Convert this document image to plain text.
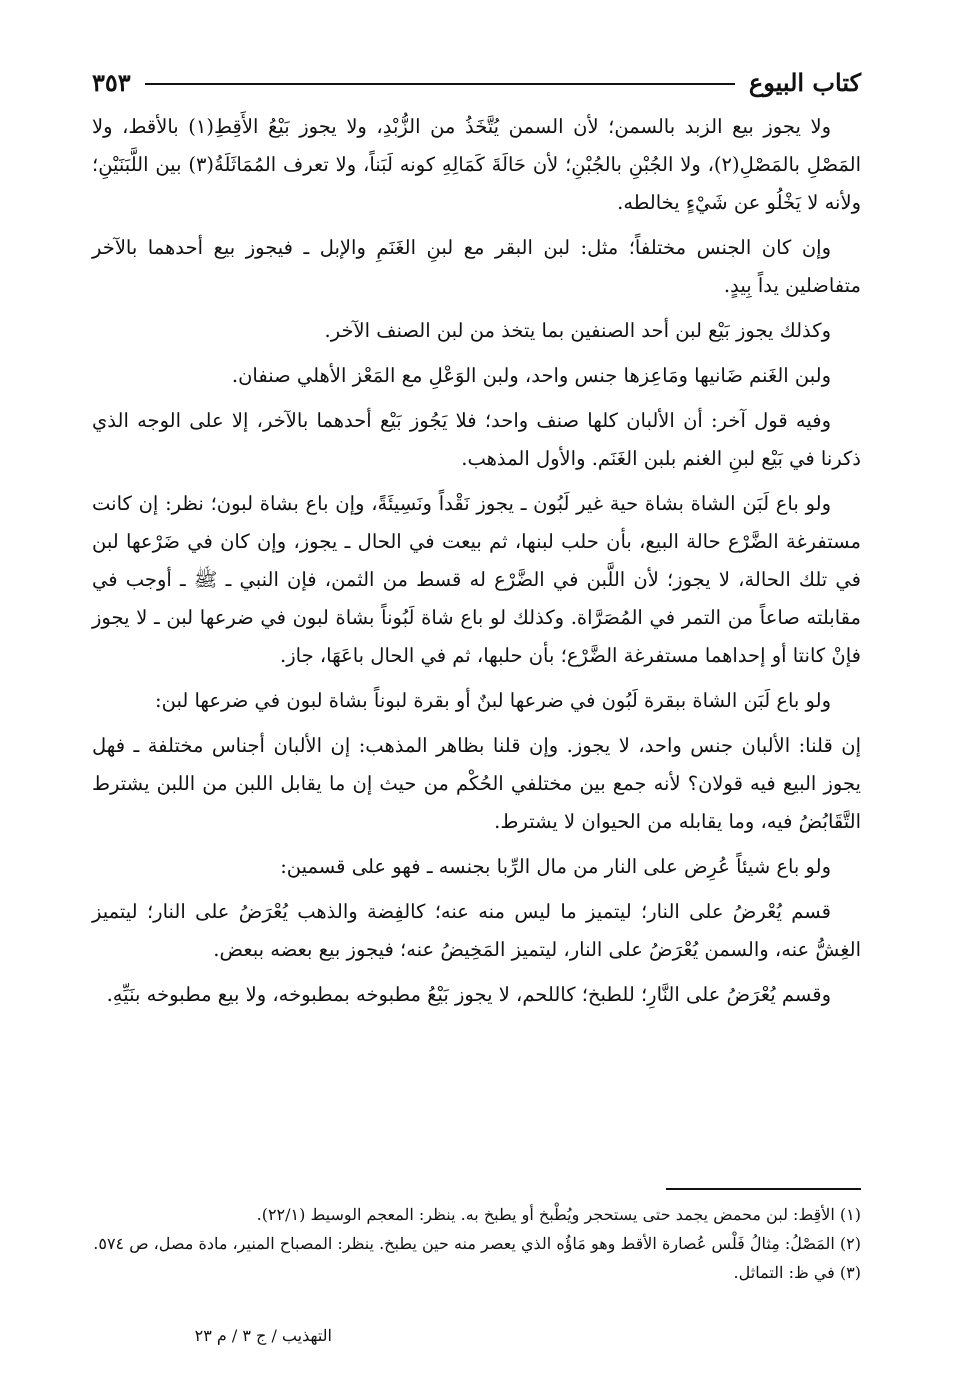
كتاب البيوع
٣٥٣

ولا يجوز بيع الزبد بالسمن؛ لأن السمن يُتَّخَذُ من الزُّبْدِ، ولا يجوز بَيْعُ الأَقِطِ(١) بالأقط، ولا المَصْلِ بالمَصْلِ(٢)، ولا الجُبْنِ بالجُبْنِ؛ لأن حَالَةَ كَمَالِهِ كونه لَبَناً، ولا تعرف المُمَاثَلَةُ(٣) بين اللَّبَنَيْنِ؛ ولأنه لا يَخْلُو عن شَيْءٍ يخالطه.

وإن كان الجنس مختلفاً؛ مثل: لبن البقر مع لبنِ الغَنَمِ والإبل ـ فيجوز بيع أحدهما بالآخر متفاضلين يداً بِيدٍ.

وكذلك يجوز بَيْع لبن أحد الصنفين بما يتخذ من لبن الصنف الآخر.

ولبن الغَنم ضَانيها ومَاعِزها جنس واحد، ولبن الوَعْلِ مع المَعْز الأهلي صنفان.

وفيه قول آخر: أن الألبان كلها صنف واحد؛ فلا يَجُوز بَيْع أحدهما بالآخر، إلا على الوجه الذي ذكرنا في بَيْع لبنِ الغنم بلبن الغَنَم. والأول المذهب.

ولو باع لَبَن الشاة بشاة حية غير لَبُون ـ يجوز نَقْداً ونَسِيئَةً، وإن باع بشاة لبون؛ نظر: إن كانت مستفرغة الضَّرْع حالة البيع، بأن حلب لبنها، ثم بيعت في الحال ـ يجوز، وإن كان في ضَرْعها لبن في تلك الحالة، لا يجوز؛ لأن اللَّبن في الضَّرْع له قسط من الثمن، فإن النبي ـ ﷺ ـ أوجب في مقابلته صاعاً من التمر في المُصَرَّاة. وكذلك لو باع شاة لَبُوناً بشاة لبون في ضرعها لبن ـ لا يجوز فإنْ كانتا أو إحداهما مستفرغة الضَّرْع؛ بأن حلبها، ثم في الحال باعَهَا، جاز.

ولو باع لَبَن الشاة ببقرة لَبُون في ضرعها لبنٌ أو بقرة لبوناً بشاة لبون في ضرعها لبن:

إن قلنا: الألبان جنس واحد، لا يجوز. وإن قلنا بظاهر المذهب: إن الألبان أجناس مختلفة ـ فهل يجوز البيع فيه قولان؟ لأنه جمع بين مختلفي الحُكْم من حيث إن ما يقابل اللبن من اللبن يشترط التَّقَابُضُ فيه، وما يقابله من الحيوان لا يشترط.

ولو باع شيئاً عُرِض على النار من مال الرِّبا بجنسه ـ فهو على قسمين:

قسم يُعْرضُ على النار؛ ليتميز ما ليس منه عنه؛ كالفِضة والذهب يُعْرَضُ على النار؛ ليتميز الغِشُّ عنه، والسمن يُعْرَضُ على النار، ليتميز المَخِيضُ عنه؛ فيجوز بيع بعضه ببعض.

وقسم يُعْرَضُ على النَّارِ؛ للطبخ؛ كاللحم، لا يجوز بَيْعُ مطبوخه بمطبوخه، ولا بيع مطبوخه بنَيِّهِ.

(١) الأقِط: لبن محمض يجمد حتى يستحجر ويُطْبخ أو يطبخ به. ينظر: المعجم الوسيط (٢٢/١).

(٢) المَصْلُ: مِثالُ فَلْس عُصارة الأقط وهو مَاؤُه الذي يعصر منه حين يطبخ. ينظر: المصباح المنير، مادة مصل، ص ٥٧٤.

(٣) في ظ: التماثل.

التهذيب / ج ٣ / م ٢٣
